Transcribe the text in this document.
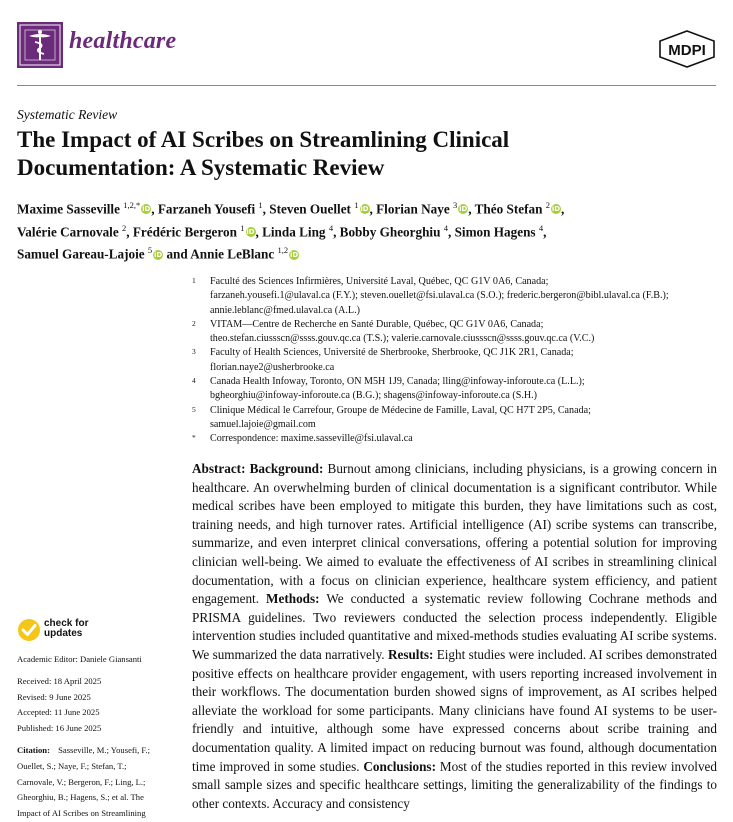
healthcare	MDPI
Systematic Review
The Impact of AI Scribes on Streamlining Clinical Documentation: A Systematic Review
Maxime Sasseville $^{1,2,*}$ iD, Farzaneh Yousefi $^1$, Steven Ouellet $^1$ iD, Florian Naye $^3$ iD, Théo Stefan $^2$ iD,
Valérie Carnovale $^2$, Frédéric Bergeron $^1$ iD, Linda Ling $^4$, Bobby Gheorghiu $^4$, Simon Hagens $^4$,
Samuel Gareau-Lajoie $^5$ iD and Annie LeBlanc $^{1,2}$ iD
1 Faculté des Sciences Infirmières, Université Laval, Québec, QC G1V 0A6, Canada;
farzaneh.yousefi.1@ulaval.ca (F.Y.); steven.ouellet@fsi.ulaval.ca (S.O.); frederic.bergeron@bibl.ulaval.ca (F.B.);
annie.leblanc@fmed.ulaval.ca (A.L.)
2 VITAM—Centre de Recherche en Santé Durable, Québec, QC G1V 0A6, Canada;
theo.stefan.ciussscn@ssss.gouv.qc.ca (T.S.); valerie.carnovale.ciussscn@ssss.gouv.qc.ca (V.C.)
3 Faculty of Health Sciences, Université de Sherbrooke, Sherbrooke, QC J1K 2R1, Canada;
florian.naye2@usherbrooke.ca
4 Canada Health Infoway, Toronto, ON M5H 1J9, Canada; lling@infoway-inforoute.ca (L.L.);
bgheorghiu@infoway-inforoute.ca (B.G.); shagens@infoway-inforoute.ca (S.H.)
5 Clinique Médical le Carrefour, Groupe de Médecine de Famille, Laval, QC H7T 2P5, Canada;
samuel.lajoie@gmail.com
* Correspondence: maxime.sasseville@fsi.ulaval.ca
check for
updates
Academic Editor: Daniele Giansanti
Received: 18 April 2025
Revised: 9 June 2025
Accepted: 11 June 2025
Published: 16 June 2025
Citation: Sasseville, M.; Yousefi, F.;
Ouellet, S.; Naye, F.; Stefan, T.;
Carnovale, V.; Bergeron, F.; Ling, L.;
Gheorghiu, B.; Hagens, S.; et al. The
Impact of AI Scribes on Streamlining
Abstract: Background: Burnout among clinicians, including physicians, is a growing concern in healthcare. An overwhelming burden of clinical documentation is a significant contributor. While medical scribes have been employed to mitigate this burden, they have limitations such as cost, training needs, and high turnover rates. Artificial intelligence (AI) scribe systems can transcribe, summarize, and even interpret clinical conversations, offering a potential solution for improving clinician well-being. We aimed to evaluate the effectiveness of AI scribes in streamlining clinical documentation, with a focus on clinician experience, healthcare system efficiency, and patient engagement. Methods: We conducted a systematic review following Cochrane methods and PRISMA guidelines. Two reviewers conducted the selection process independently. Eligible intervention studies included quantitative and mixed-methods studies evaluating AI scribe systems. We summarized the data narratively. Results: Eight studies were included. AI scribes demonstrated positive effects on healthcare provider engagement, with users reporting increased involvement in their workflows. The documentation burden showed signs of improvement, as AI scribes helped alleviate the workload for some participants. Many clinicians have found AI systems to be user-friendly and intuitive, although some have expressed concerns about scribe training and documentation quality. A limited impact on reducing burnout was found, although documentation time improved in some studies. Conclusions: Most of the studies reported in this review involved small sample sizes and specific healthcare settings, limiting the generalizability of the findings to other contexts. Accuracy and consistency
